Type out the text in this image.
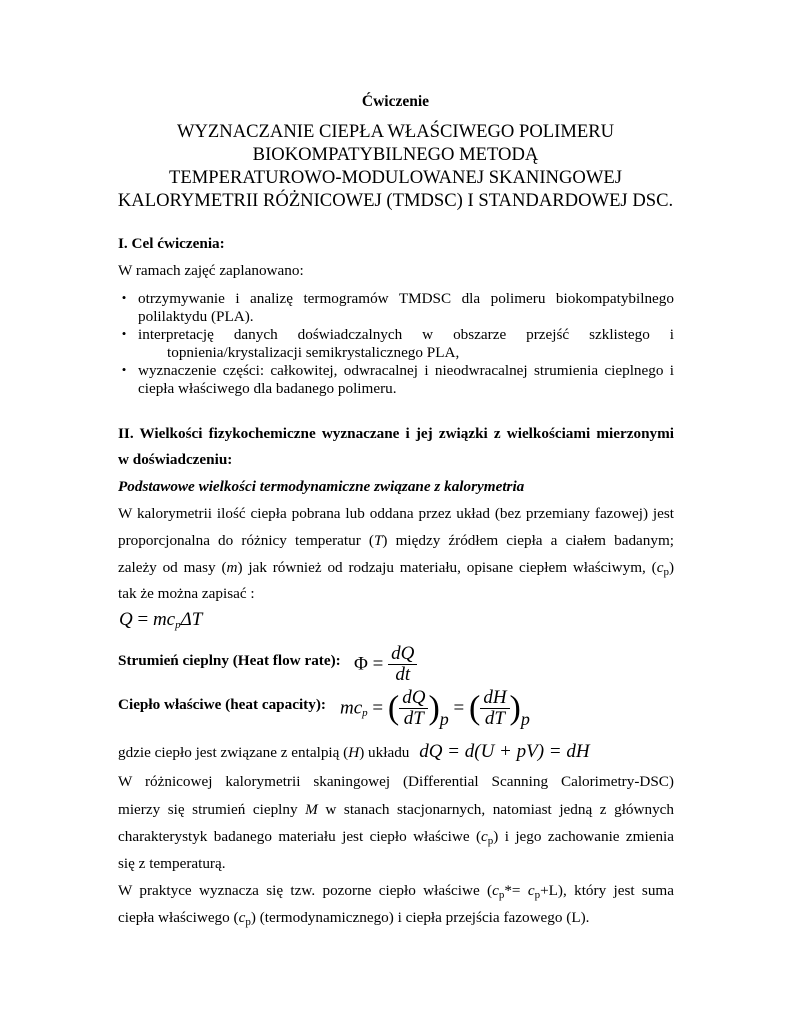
Ćwiczenie
WYZNACZANIE CIEPŁA WŁAŚCIWEGO POLIMERU
BIOKOMPATYBILNEGO METODĄ
TEMPERATUROWO-MODULOWANEJ SKANINGOWEJ
KALORYMETRII RÓŻNICOWEJ (TMDSC) I STANDARDOWEJ DSC.
I. Cel ćwiczenia:
W ramach zajęć zaplanowano:
• otrzymywanie i analizę termogramów TMDSC dla polimeru biokompatybilnego
polilaktydu (PLA).
• interpretację danych doświadczalnych w obszarze przejść szklistego i
topnienia/krystalizacji semikrystalicznego PLA,
• wyznaczenie części: całkowitej, odwracalnej i nieodwracalnej strumienia cieplnego i
ciepła właściwego dla badanego polimeru.
II. Wielkości fizykochemiczne wyznaczane i jej związki z wielkościami mierzonymi
w doświadczeniu:
Podstawowe wielkości termodynamiczne związane z kalorymetria
W kalorymetrii ilość ciepła pobrana lub oddana przez układ (bez przemiany fazowej) jest
proporcjonalna do różnicy temperatur (T) między źródłem ciepła a ciałem badanym;
zależy od masy (m) jak również od rodzaju materiału, opisane ciepłem właściwym, $(c_p)$
tak że można zapisać :
$Q = mc_p\Delta T$
Strumień cieplny (Heat flow rate): $\Phi = \frac{dQ}{dt}$
Ciepło właściwe (heat capacity): $mc_p$ = ( $\frac{dQ}{dT} )p$ = ( $\frac{dH}{dT} )p$
gdzie ciepło jest związane z entalpią (H) układu dQ = d(U + pV) = dH
W różnicowej kalorymetrii skaningowej (Differential Scanning Calorimetry-DSC)
mierzy się strumień cieplny M w stanach stacjonarnych, natomiast jedną z głównych
charakterystyk badanego materiału jest ciepło właściwe $(c_p)$ i jego zachowanie zmienia
się z temperaturą.
W praktyce wyznacza się tzw. pozorne ciepło właściwe $(c_p*= c_p+L)$, który jest suma
ciepła właściwego $(c_p)$ (termodynamicznego) i ciepła przejścia fazowego (L).
